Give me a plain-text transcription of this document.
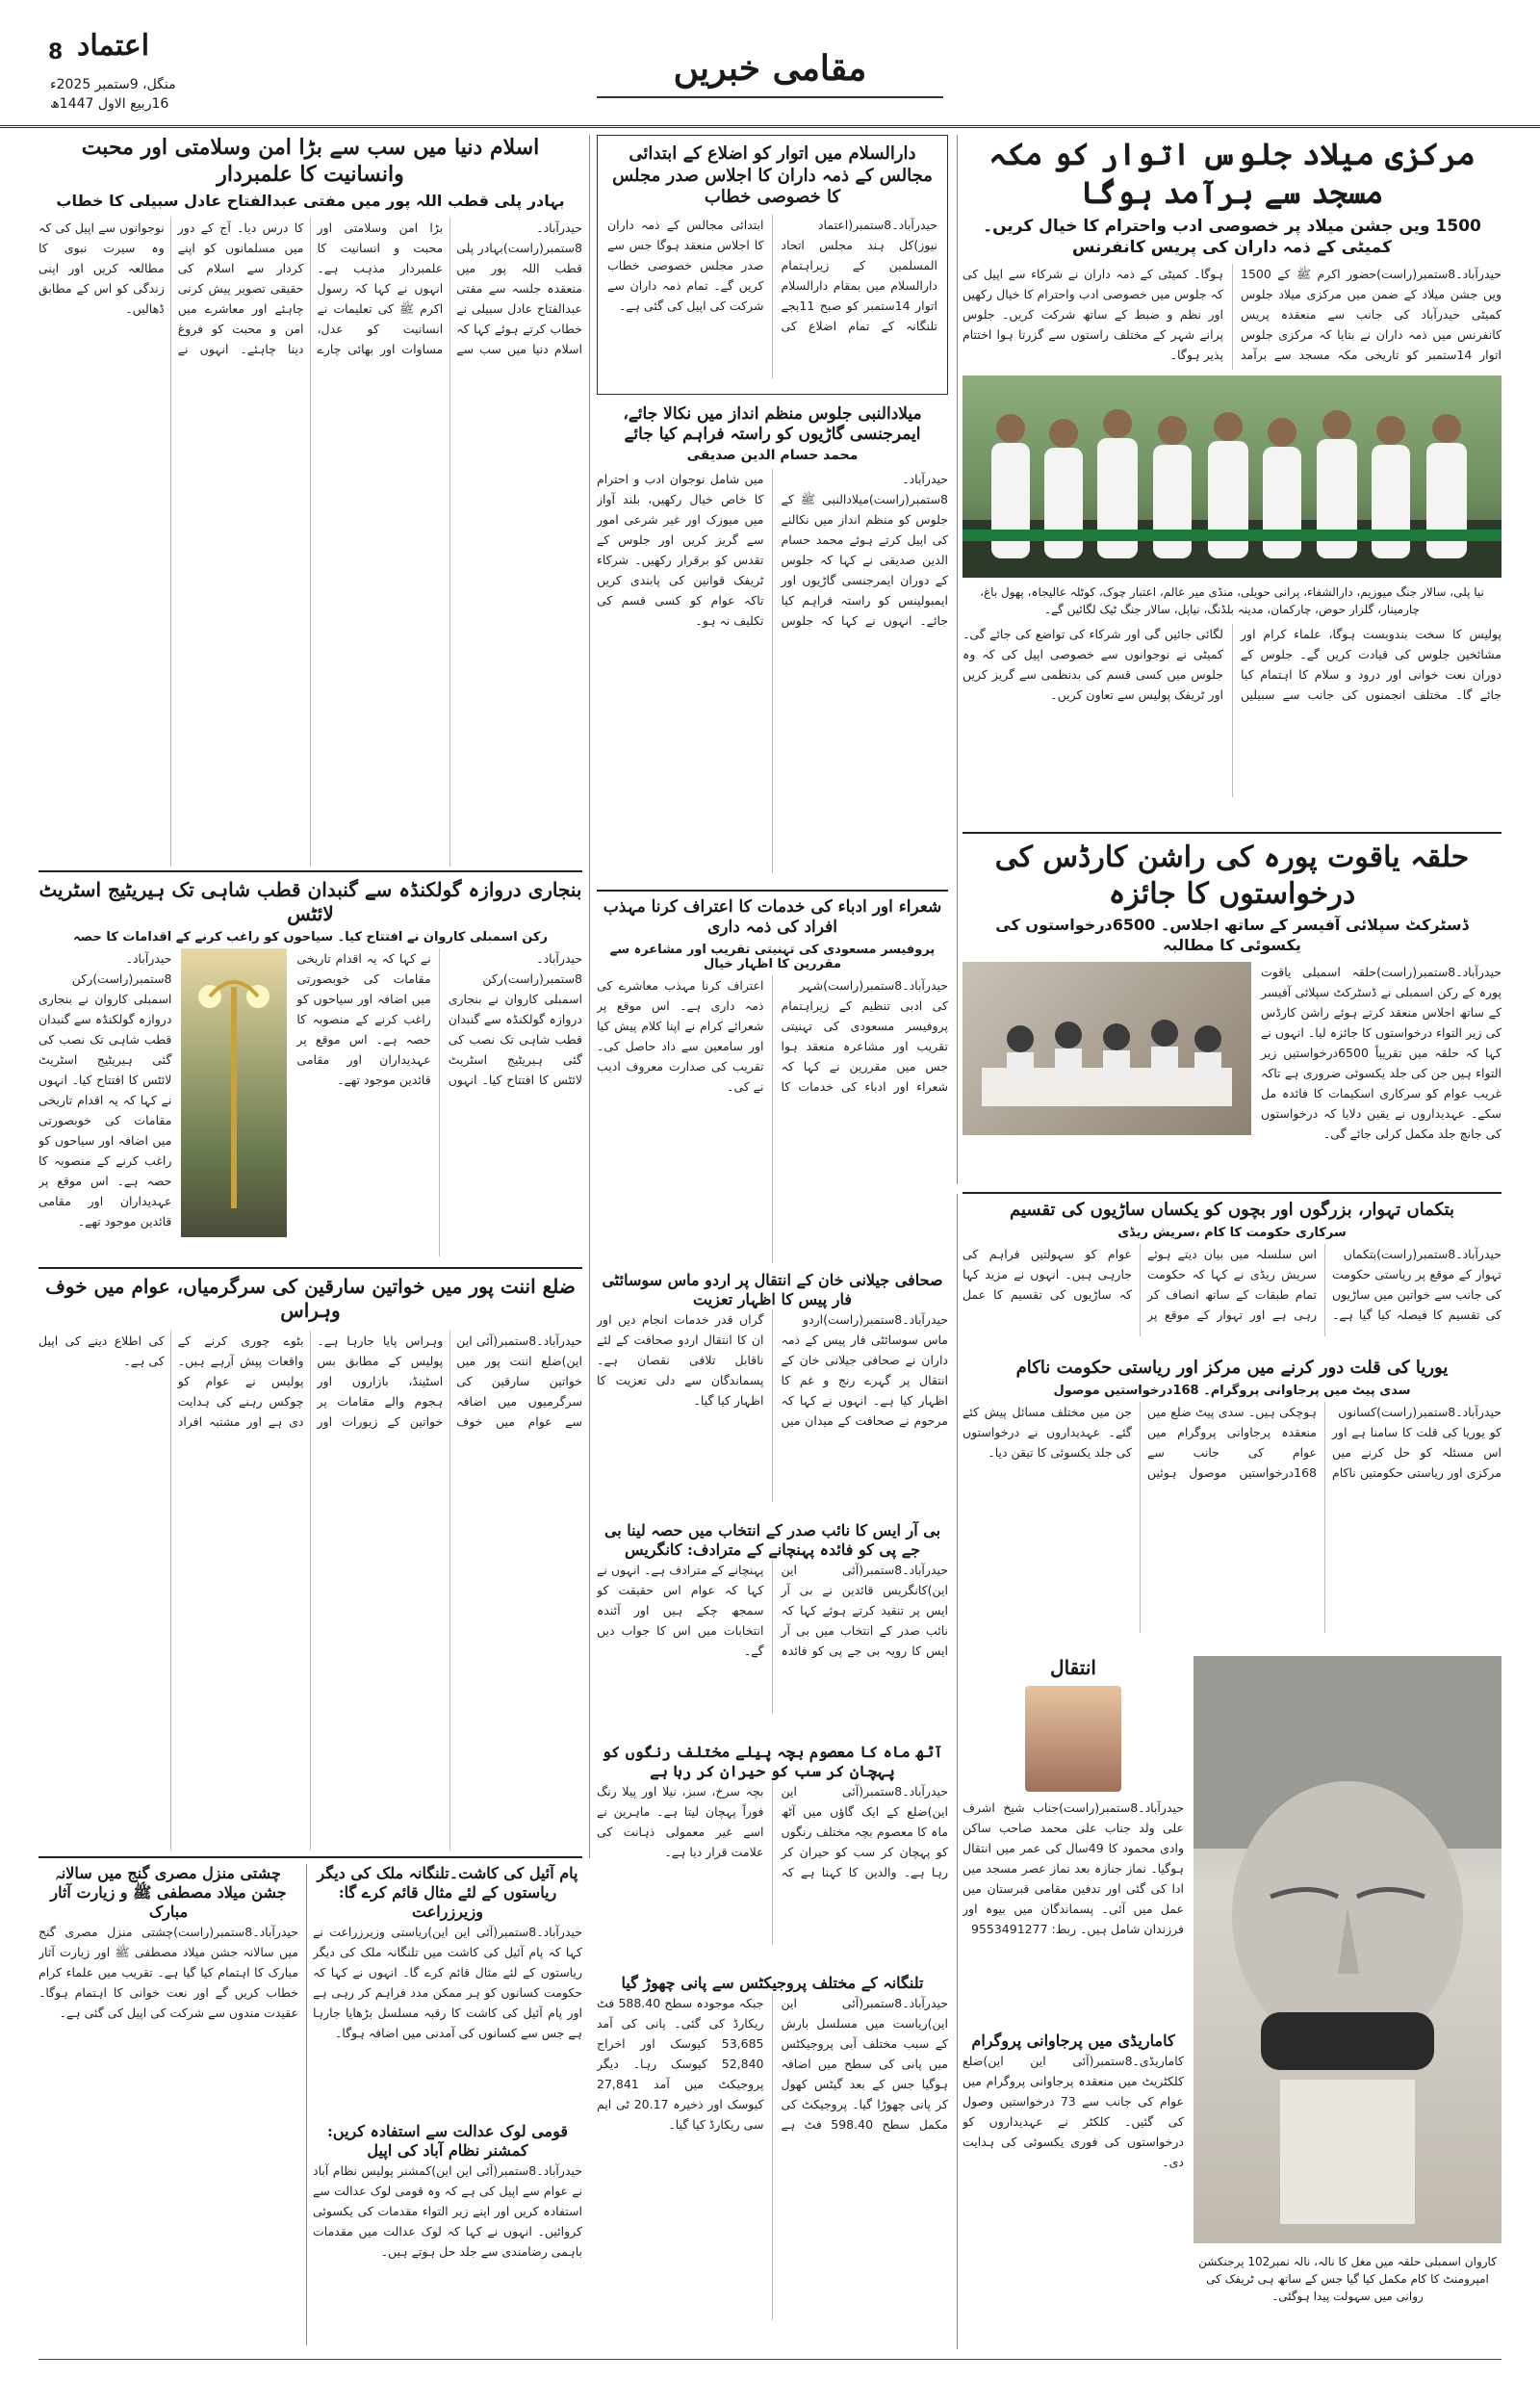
8 اعتماد
منگل، 9ستمبر 2025ء
16ربیع الاول 1447ھ
مقامی خبریں
مرکزی میلاد جلوس اتوار کو مکہ مسجد سے برآمد ہوگا
1500 ویں جشن میلاد پر خصوصی ادب واحترام کا خیال کریں۔کمیٹی کے ذمہ داران کی پریس کانفرنس
حیدرآباد۔8ستمبر(راست)حضور اکرم ﷺ کے 1500 ویں جشن میلاد کے ضمن میں مرکزی میلاد جلوس کمیٹی حیدرآباد کی جانب سے منعقدہ پریس کانفرنس میں ذمہ داران نے بتایا کہ مرکزی جلوس اتوار 14ستمبر کو تاریخی مکہ مسجد سے برآمد ہوگا۔ کمیٹی کے ذمہ داران نے شرکاء سے اپیل کی کہ جلوس میں خصوصی ادب واحترام کا خیال رکھیں اور نظم و ضبط کے ساتھ شرکت کریں۔ جلوس پرانے شہر کے مختلف راستوں سے گزرتا ہوا اختتام پذیر ہوگا۔
نیا پلی، سالار جنگ میوزیم، دارالشفاء، پرانی حویلی، منڈی میر عالم، اعتبار چوک، کوٹلہ عالیجاہ، پھول باغ، چارمینار، گلزار حوض، چارکمان، مدینہ بلڈنگ، نیاپل، سالار جنگ ٹیک لگائیں گے۔
پولیس کا سخت بندوبست ہوگا، علماء کرام اور مشائخین جلوس کی قیادت کریں گے۔ جلوس کے دوران نعت خوانی اور درود و سلام کا اہتمام کیا جائے گا۔ مختلف انجمنوں کی جانب سے سبیلیں لگائی جائیں گی اور شرکاء کی تواضع کی جائے گی۔ کمیٹی نے نوجوانوں سے خصوصی اپیل کی کہ وہ جلوس میں کسی قسم کی بدنظمی سے گریز کریں اور ٹریفک پولیس سے تعاون کریں۔
حلقہ یاقوت پورہ کی راشن کارڈس کی درخواستوں کا جائزہ
ڈسٹرکٹ سپلائی آفیسر کے ساتھ اجلاس۔ 6500درخواستوں کی یکسوئی کا مطالبہ
حیدرآباد۔8ستمبر(راست)حلقہ اسمبلی یاقوت پورہ کے رکن اسمبلی نے ڈسٹرکٹ سپلائی آفیسر کے ساتھ اجلاس منعقد کرتے ہوئے راشن کارڈس کی زیر التواء درخواستوں کا جائزہ لیا۔ انہوں نے کہا کہ حلقہ میں تقریباً 6500درخواستیں زیر التواء ہیں جن کی جلد یکسوئی ضروری ہے تاکہ غریب عوام کو سرکاری اسکیمات کا فائدہ مل سکے۔ عہدیداروں نے یقین دلایا کہ درخواستوں کی جانچ جلد مکمل کرلی جائے گی۔
بتکماں تہوار، بزرگوں اور بچوں کو یکساں ساڑیوں کی تقسیم
سرکاری حکومت کا کام ،سریش ریڈی
حیدرآباد۔8ستمبر(راست)بتکماں تہوار کے موقع پر ریاستی حکومت کی جانب سے خواتین میں ساڑیوں کی تقسیم کا فیصلہ کیا گیا ہے۔ اس سلسلہ میں بیان دیتے ہوئے سریش ریڈی نے کہا کہ حکومت تمام طبقات کے ساتھ انصاف کر رہی ہے اور تہوار کے موقع پر عوام کو سہولتیں فراہم کی جارہی ہیں۔ انہوں نے مزید کہا کہ ساڑیوں کی تقسیم کا عمل
یوریا کی قلت دور کرنے میں مرکز اور ریاستی حکومت ناکام
سدی پیٹ میں پرجاوانی پروگرام۔ 168درخواستیں موصول
حیدرآباد۔8ستمبر(راست)کسانوں کو یوریا کی قلت کا سامنا ہے اور اس مسئلہ کو حل کرنے میں مرکزی اور ریاستی حکومتیں ناکام ہوچکی ہیں۔ سدی پیٹ ضلع میں منعقدہ پرجاوانی پروگرام میں عوام کی جانب سے 168درخواستیں موصول ہوئیں جن میں مختلف مسائل پیش کئے گئے۔ عہدیداروں نے درخواستوں کی جلد یکسوئی کا تیقن دیا۔
انتقال
حیدرآباد۔8ستمبر(راست)جناب شیخ اشرف علی ولد جناب علی محمد صاحب ساکن وادی محمود کا 49سال کی عمر میں انتقال ہوگیا۔ نماز جنازہ بعد نماز عصر مسجد میں ادا کی گئی اور تدفین مقامی قبرستان میں عمل میں آئی۔ پسماندگان میں بیوہ اور فرزندان شامل ہیں۔ ربط: 9553491277
کاماریڈی میں پرجاوانی پروگرام
کاماریڈی۔8ستمبر(آئی این این)ضلع کلکٹریٹ میں منعقدہ پرجاوانی پروگرام میں عوام کی جانب سے 73 درخواستیں وصول کی گئیں۔ کلکٹر نے عہدیداروں کو درخواستوں کی فوری یکسوئی کی ہدایت دی۔
کاروان اسمبلی حلقہ میں مغل کا نالہ، نالہ نمبر102 پرجنکشن امپرومنٹ کا کام مکمل کیا گیا جس کے ساتھ ہی ٹریفک کی روانی میں سہولت پیدا ہوگئی۔
دارالسلام میں اتوار کو اضلاع کے ابتدائی مجالس کے ذمہ داران کا اجلاس صدر مجلس کا خصوصی خطاب
حیدرآباد۔8ستمبر(اعتماد نیوز)کل ہند مجلس اتحاد المسلمین کے زیراہتمام دارالسلام میں بمقام دارالسلام اتوار 14ستمبر کو صبح 11بجے تلنگانہ کے تمام اضلاع کی ابتدائی مجالس کے ذمہ داران کا اجلاس منعقد ہوگا جس سے صدر مجلس خصوصی خطاب کریں گے۔ تمام ذمہ داران سے شرکت کی اپیل کی گئی ہے۔
میلادالنبی جلوس منظم انداز میں نکالا جائے، ایمرجنسی گاڑیوں کو راستہ فراہم کیا جائے
محمد حسام الدین صدیقی
حیدرآباد۔8ستمبر(راست)میلادالنبی ﷺ کے جلوس کو منظم انداز میں نکالنے کی اپیل کرتے ہوئے محمد حسام الدین صدیقی نے کہا کہ جلوس کے دوران ایمرجنسی گاڑیوں اور ایمبولینس کو راستہ فراہم کیا جائے۔ انہوں نے کہا کہ جلوس میں شامل نوجوان ادب و احترام کا خاص خیال رکھیں، بلند آواز میں میوزک اور غیر شرعی امور سے گریز کریں اور جلوس کے تقدس کو برقرار رکھیں۔ شرکاء ٹریفک قوانین کی پابندی کریں تاکہ عوام کو کسی قسم کی تکلیف نہ ہو۔
شعراء اور ادباء کی خدمات کا اعتراف کرنا مہذب افراد کی ذمہ داری
پروفیسر مسعودی کی تہنیتی تقریب اور مشاعرہ سے مقررین کا اظہار خیال
حیدرآباد۔8ستمبر(راست)شہر کی ادبی تنظیم کے زیراہتمام پروفیسر مسعودی کی تہنیتی تقریب اور مشاعرہ منعقد ہوا جس میں مقررین نے کہا کہ شعراء اور ادباء کی خدمات کا اعتراف کرنا مہذب معاشرے کی ذمہ داری ہے۔ اس موقع پر شعرائے کرام نے اپنا کلام پیش کیا اور سامعین سے داد حاصل کی۔ تقریب کی صدارت معروف ادیب نے کی۔
صحافی جیلانی خان کے انتقال پر اردو ماس سوسائٹی فار پیس کا اظہار تعزیت
حیدرآباد۔8ستمبر(راست)اردو ماس سوسائٹی فار پیس کے ذمہ داران نے صحافی جیلانی خان کے انتقال پر گہرے رنج و غم کا اظہار کیا ہے۔ انہوں نے کہا کہ مرحوم نے صحافت کے میدان میں گراں قدر خدمات انجام دیں اور ان کا انتقال اردو صحافت کے لئے ناقابل تلافی نقصان ہے۔ پسماندگان سے دلی تعزیت کا اظہار کیا گیا۔
بی آر ایس کا نائب صدر کے انتخاب میں حصہ لینا بی جے پی کو فائدہ پہنچانے کے مترادف: کانگریس
حیدرآباد۔8ستمبر(آئی این این)کانگریس قائدین نے بی آر ایس پر تنقید کرتے ہوئے کہا کہ نائب صدر کے انتخاب میں بی آر ایس کا رویہ بی جے پی کو فائدہ پہنچانے کے مترادف ہے۔ انہوں نے کہا کہ عوام اس حقیقت کو سمجھ چکے ہیں اور آئندہ انتخابات میں اس کا جواب دیں گے۔
آٹھ ماہ کا معصوم بچہ پیلے مختلف رنگوں کو پہچان کر سب کو حیران کر رہا ہے
حیدرآباد۔8ستمبر(آئی این این)ضلع کے ایک گاؤں میں آٹھ ماہ کا معصوم بچہ مختلف رنگوں کو پہچان کر سب کو حیران کر رہا ہے۔ والدین کا کہنا ہے کہ بچہ سرخ، سبز، نیلا اور پیلا رنگ فوراً پہچان لیتا ہے۔ ماہرین نے اسے غیر معمولی ذہانت کی علامت قرار دیا ہے۔
تلنگانہ کے مختلف پروجیکٹس سے پانی چھوڑ گیا
حیدرآباد۔8ستمبر(آئی این این)ریاست میں مسلسل بارش کے سبب مختلف آبی پروجیکٹس میں پانی کی سطح میں اضافہ ہوگیا جس کے بعد گیٹس کھول کر پانی چھوڑا گیا۔ پروجیکٹ کی مکمل سطح 598.40 فٹ ہے جبکہ موجودہ سطح 588.40 فٹ ریکارڈ کی گئی۔ پانی کی آمد 53,685 کیوسک اور اخراج 52,840 کیوسک رہا۔ دیگر پروجیکٹ میں آمد 27,841 کیوسک اور ذخیرہ 20.17 ٹی ایم سی ریکارڈ کیا گیا۔
اسلام دنیا میں سب سے بڑا امن وسلامتی اور محبت وانسانیت کا علمبردار
بہادر پلی قطب اللہ پور میں مفتی عبدالفتاح عادل سبیلی کا خطاب
حیدرآباد۔8ستمبر(راست)بہادر پلی قطب اللہ پور میں منعقدہ جلسہ سے مفتی عبدالفتاح عادل سبیلی نے خطاب کرتے ہوئے کہا کہ اسلام دنیا میں سب سے بڑا امن وسلامتی اور محبت و انسانیت کا علمبردار مذہب ہے۔ انہوں نے کہا کہ رسول اکرم ﷺ کی تعلیمات نے انسانیت کو عدل، مساوات اور بھائی چارے کا درس دیا۔ آج کے دور میں مسلمانوں کو اپنے کردار سے اسلام کی حقیقی تصویر پیش کرنی چاہئے اور معاشرے میں امن و محبت کو فروغ دینا چاہئے۔ انہوں نے نوجوانوں سے اپیل کی کہ وہ سیرت نبوی کا مطالعہ کریں اور اپنی زندگی کو اس کے مطابق ڈھالیں۔
بنجاری دروازہ گولکنڈہ سے گنبدان قطب شاہی تک ہیریٹیج اسٹریٹ لائٹس
رکن اسمبلی کاروان نے افتتاح کیا۔ سیاحوں کو راغب کرنے کے اقدامات کا حصہ
حیدرآباد۔8ستمبر(راست)رکن اسمبلی کاروان نے بنجاری دروازہ گولکنڈہ سے گنبدان قطب شاہی تک نصب کی گئی ہیریٹیج اسٹریٹ لائٹس کا افتتاح کیا۔ انہوں نے کہا کہ یہ اقدام تاریخی مقامات کی خوبصورتی میں اضافہ اور سیاحوں کو راغب کرنے کے منصوبہ کا حصہ ہے۔ اس موقع پر عہدیداران اور مقامی قائدین موجود تھے۔
حیدرآباد۔8ستمبر(راست)رکن اسمبلی کاروان نے بنجاری دروازہ گولکنڈہ سے گنبدان قطب شاہی تک نصب کی گئی ہیریٹیج اسٹریٹ لائٹس کا افتتاح کیا۔ انہوں نے کہا کہ یہ اقدام تاریخی مقامات کی خوبصورتی میں اضافہ اور سیاحوں کو راغب کرنے کے منصوبہ کا حصہ ہے۔ اس موقع پر عہدیداران اور مقامی قائدین موجود تھے۔
ضلع اننت پور میں خواتین سارقین کی سرگرمیاں، عوام میں خوف وہراس
حیدرآباد۔8ستمبر(آئی این این)ضلع اننت پور میں خواتین سارقین کی سرگرمیوں میں اضافہ سے عوام میں خوف وہراس پایا جارہا ہے۔ پولیس کے مطابق بس اسٹینڈ، بازاروں اور ہجوم والے مقامات پر خواتین کے زیورات اور بٹوے چوری کرنے کے واقعات پیش آرہے ہیں۔ پولیس نے عوام کو چوکس رہنے کی ہدایت دی ہے اور مشتبہ افراد کی اطلاع دینے کی اپیل کی ہے۔
پام آئیل کی کاشت۔تلنگانہ ملک کی دیگر ریاستوں کے لئے مثال قائم کرے گا: وزیرزراعت
حیدرآباد۔8ستمبر(آئی این این)ریاستی وزیرزراعت نے کہا کہ پام آئیل کی کاشت میں تلنگانہ ملک کی دیگر ریاستوں کے لئے مثال قائم کرے گا۔ انہوں نے کہا کہ حکومت کسانوں کو ہر ممکن مدد فراہم کر رہی ہے اور پام آئیل کی کاشت کا رقبہ مسلسل بڑھایا جارہا ہے جس سے کسانوں کی آمدنی میں اضافہ ہوگا۔
قومی لوک عدالت سے استفادہ کریں: کمشنر نظام آباد کی اپیل
حیدرآباد۔8ستمبر(آئی این این)کمشنر پولیس نظام آباد نے عوام سے اپیل کی ہے کہ وہ قومی لوک عدالت سے استفادہ کریں اور اپنے زیر التواء مقدمات کی یکسوئی کروائیں۔ انہوں نے کہا کہ لوک عدالت میں مقدمات باہمی رضامندی سے جلد حل ہوتے ہیں۔
چشتی منزل مصری گنج میں سالانہ جشن میلاد مصطفی ﷺ و زیارت آثار مبارک
حیدرآباد۔8ستمبر(راست)چشتی منزل مصری گنج میں سالانہ جشن میلاد مصطفی ﷺ اور زیارت آثار مبارک کا اہتمام کیا گیا ہے۔ تقریب میں علماء کرام خطاب کریں گے اور نعت خوانی کا اہتمام ہوگا۔ عقیدت مندوں سے شرکت کی اپیل کی گئی ہے۔
